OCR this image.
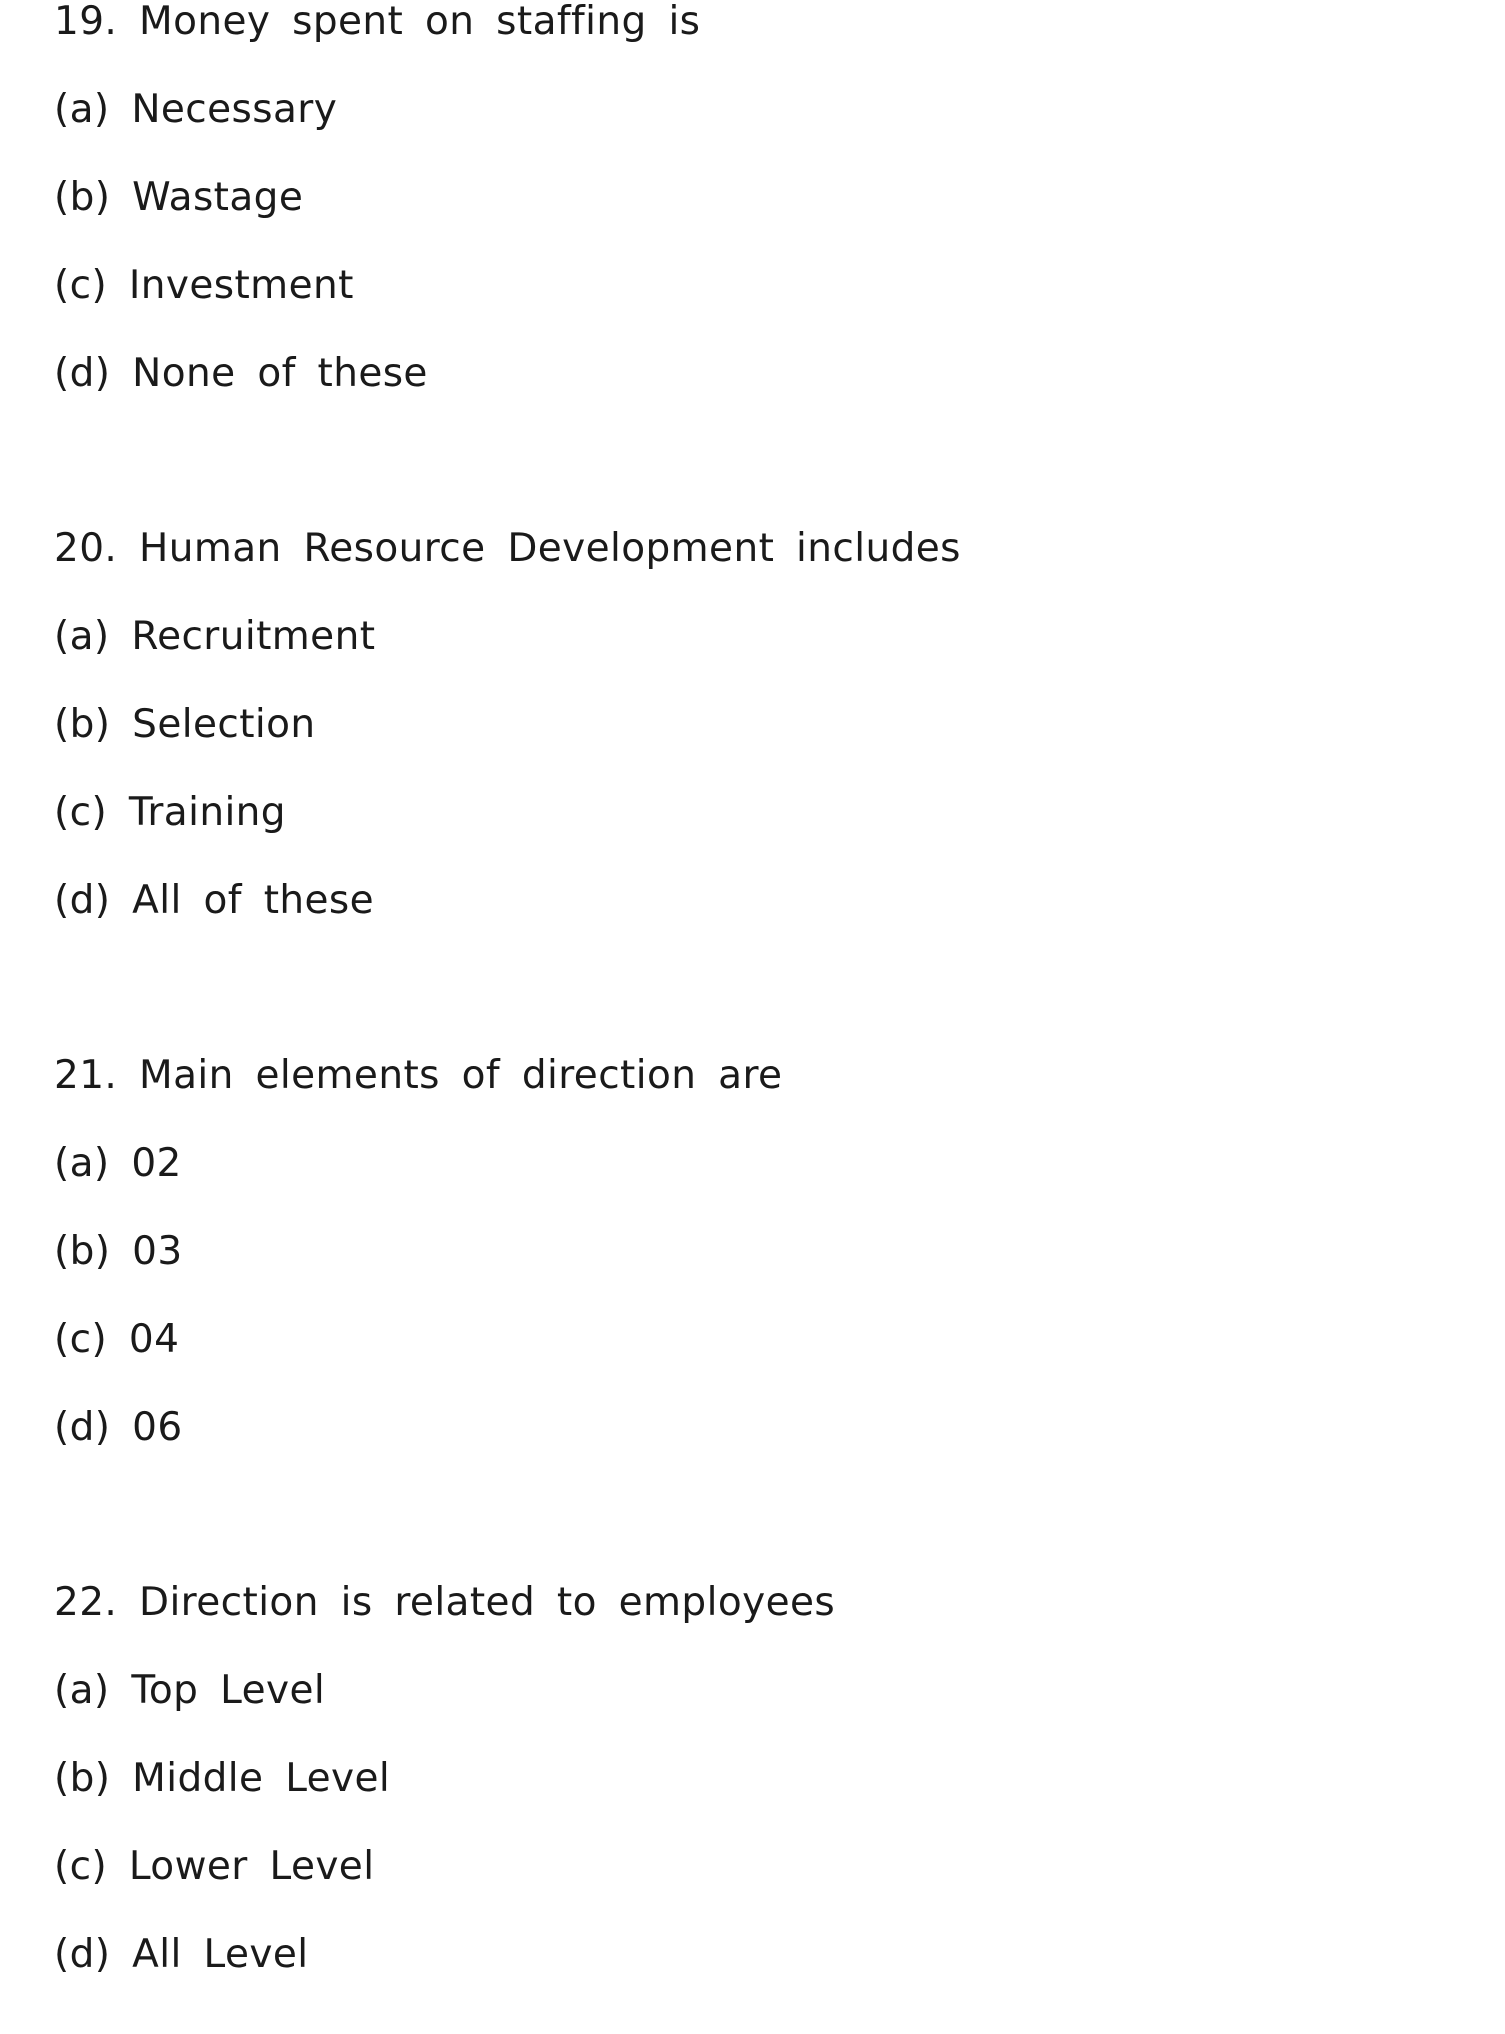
19. Money spent on staffing is
(a) Necessary
(b) Wastage
(c) Investment
(d) None of these
20. Human Resource Development includes
(a) Recruitment
(b) Selection
(c) Training
(d) All of these
21. Main elements of direction are
(a) 02
(b) 03
(c) 04
(d) 06
22. Direction is related to employees
(a) Top Level
(b) Middle Level
(c) Lower Level
(d) All Level
